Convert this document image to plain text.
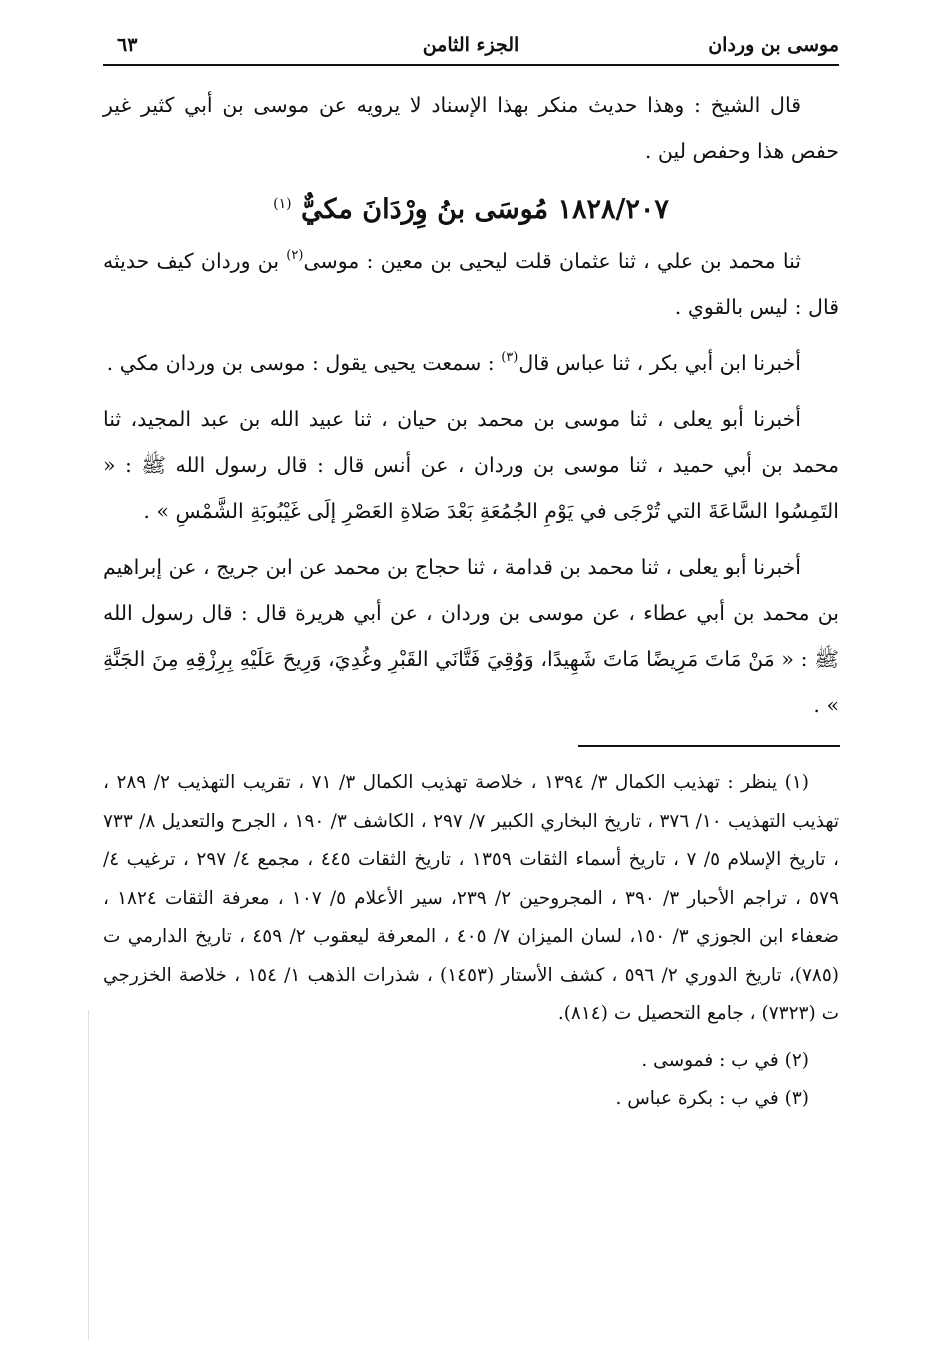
موسى بن وردان
الجزء الثامن
٦٣

قال الشيخ : وهذا حديث منكر بهذا الإسناد لا يرويه عن موسى بن أبي كثير غير حفص هذا وحفص لين .

١٨٢٨/٢٠٧ مُوسَى بنُ وِرْدَانَ مكيٌّ $^{(١)}$

ثنا محمد بن علي ، ثنا عثمان قلت ليحيى بن معين : موسى$^{(٢)}$ بن وردان كيف حديثه قال : ليس بالقوي .

أخبرنا ابن أبي بكر ، ثنا عباس قال$^{(٣)}$ : سمعت يحيى يقول : موسى بن وردان مكي .

أخبرنا أبو يعلى ، ثنا موسى بن محمد بن حيان ، ثنا عبيد الله بن عبد المجيد، ثنا محمد بن أبي حميد ، ثنا موسى بن وردان ، عن أنس قال : قال رسول الله ﷺ : « التَمِسُوا السَّاعَةَ التي تُرْجَى في يَوْمِ الجُمُعَةِ بَعْدَ صَلاةِ العَصْرِ إلَى غَيْبُوبَةِ الشَّمْسِ » .

أخبرنا أبو يعلى ، ثنا محمد بن قدامة ، ثنا حجاج بن محمد عن ابن جريج ، عن إبراهيم بن محمد بن أبي عطاء ، عن موسى بن وردان ، عن أبي هريرة قال : قال رسول الله ﷺ : « مَنْ مَاتَ مَرِيضًا مَاتَ شَهِيدًا، وَوُقِيَ فَتَّانَي القَبْرِ وغُدِيَ، وَرِيحَ عَلَيْهِ بِرِزْقِهِ مِنَ الجَنَّةِ » .

(١) ينظر : تهذيب الكمال ٣/ ١٣٩٤ ، خلاصة تهذيب الكمال ٣/ ٧١ ، تقريب التهذيب ٢/ ٢٨٩ ، تهذيب التهذيب ١٠/ ٣٧٦ ، تاريخ البخاري الكبير ٧/ ٢٩٧ ، الكاشف ٣/ ١٩٠ ، الجرح والتعديل ٨/ ٧٣٣ ، تاريخ الإسلام ٥/ ٧ ، تاريخ أسماء الثقات ١٣٥٩ ، تاريخ الثقات ٤٤٥ ، مجمع ٤/ ٢٩٧ ، ترغيب ٤/ ٥٧٩ ، تراجم الأحبار ٣/ ٣٩٠ ، المجروحين ٢/ ٢٣٩، سير الأعلام ٥/ ١٠٧ ، معرفة الثقات ١٨٢٤ ، ضعفاء ابن الجوزي ٣/ ١٥٠، لسان الميزان ٧/ ٤٠٥ ، المعرفة ليعقوب ٢/ ٤٥٩ ، تاريخ الدارمي ت (٧٨٥)، تاريخ الدوري ٢/ ٥٩٦ ، كشف الأستار (١٤٥٣) ، شذرات الذهب ١/ ١٥٤ ، خلاصة الخزرجي ت (٧٣٢٣) ، جامع التحصيل ت (٨١٤).

(٢) في ب : فموسى .

(٣) في ب : بكرة عباس .
